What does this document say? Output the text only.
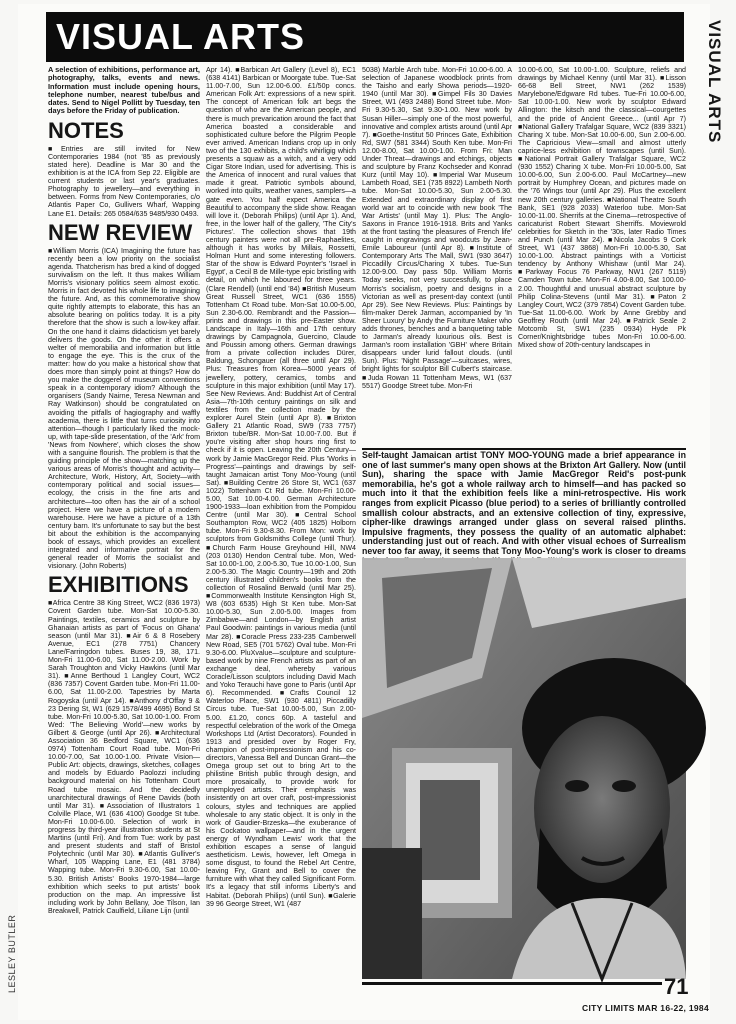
VISUAL ARTS	VISUAL ARTS
LESLEY BUTLER

A selection of exhibitions, performance art, photography, talks, events and news. Information must include opening hours, telephone number, nearest tube/bus and dates. Send to Nigel Pollitt by Tuesday, ten days before the Friday of publication.

NOTES

■Entries are still invited for New Contemporaries 1984 (not '85 as previously stated here). Deadline is Mar 30 and the exhibition is at the ICA from Sep 22. Eligible are current students or last year's graduates. Photography to jewellery—and everything in between. Forms from New Contemporaries, c/o Atlantis Paper Co, Gullivers Wharf, Wapping Lane E1. Details: 265 0584/635 9485/930 0493.

NEW REVIEW

■William Morris (ICA) Imagining the future has recently been a low priority on the socialist agenda. Thatcherism has bred a kind of dogged survivalism on the left. It thus makes William Morris's visionary politics seem almost exotic. Morris in fact devoted his whole life to imagining the future. And, as this commemorative show quite rightly attempts to elaborate, this has an absolute bearing on politics today. It is a pity therefore that the show is such a low-key affair. On the one hand it claims didacticism yet barely delivers the goods. On the other it offers a welter of memorabilia and information but little to engage the eye. This is the crux of the matter: how do you make a historical show that does more than simply point at things? How do you make the doggerel of museum conventions speak in a contemporary idiom? Although the organisers (Sandy Nairne, Teresa Newman and Ray Watkinson) should be congratulated on avoiding the pitfalls of hagiography and waffly academia, there is little that turns curiosity into attention—though I particularly liked the mock-up, with tape-slide presentation, of the 'Ark' from 'News from Nowhere', which closes the show with a sanguine flourish. The problem is that the guiding principle of the show—matching up the various areas of Morris's thought and activity—Architecture, Work, History, Art, Society—with contemporary political and social issues—ecology, the crisis in the fine arts and architecture—too often has the air of a school project. Here we have a picture of a modern warehouse. Here we have a picture of a 13th century barn. It's unfortunate to say but the best bit about the exhibition is the accompanying book of essays, which provides an excellent integrated and informative portrait for the general reader of Morris the socialist and visionary. (John Roberts)

EXHIBITIONS

■Africa Centre 38 King Street, WC2 (836 1973) Covent Garden tube. Mon-Sat 10.00-5.30. Paintings, textiles, ceramics and sculpture by Ghanaian artists as part of 'Focus on Ghana' season (until Mar 31). ■Air 6 & 8 Rosebery Avenue, EC1 (278 7751) Chancery Lane/Farringdon tubes. Buses 19, 38, 171. Mon-Fri 11.00-6.00, Sat 11.00-2.00. Work by Sarah Troughton and Vicky Hawkins (until Mar 31). ■Anne Berthoud 1 Langley Court, WC2 (836 7357) Covent Garden tube. Mon-Fri 11.00-6.00, Sat 11.00-2.00. Tapestries by Marta Rogoyska (until Apr 14). ■Anthony d'Offay 9 & 23 Dering St, W1 (629 1578/499 4695) Bond St tube. Mon-Fri 10.00-5.30, Sat 10.00-1.00. From Wed: 'The Believing World'—new works by Gilbert & George (until Apr 26). ■Architectural Association 36 Bedford Square, WC1 (636 0974) Tottenham Court Road tube. Mon-Fri 10.00-7.00, Sat 10.00-1.00. Private Vision—Public Art: objects, drawings, sketches, collages and models by Eduardo Paolozzi including background material on his Tottenham Court Road tube mosaic. And the decidedly unarchitectural drawings of Rene Davids (both until Mar 31). ■Association of Illustrators 1 Colville Place, W1 (636 4100) Goodge St tube. Mon-Fri 10.00-6.00. Selection of work in progress by third-year illustration students at St Martins (until Fri). And from Tue: work by past and present students and staff of Bristol Polytechnic (until Mar 30). ■Atlantis Gulliver's Wharf, 105 Wapping Lane, E1 (481 3784) Wapping tube. Mon-Fri 9.30-6.00, Sat 10.00-5.30. British Artists' Books 1970-1984—large exhibition which seeks to put artists' book production on the map. An impressive list including work by John Bellany, Joe Tilson, Ian Breakwell, Patrick Caulfield, Liliane Lijn (until

Apr 14). ■Barbican Art Gallery (Level 8), EC1 (638 4141) Barbican or Moorgate tube. Tue-Sat 11.00-7.00, Sun 12.00-6.00. £1/50p concs. American Folk Art: expressions of a new spirit. The concept of American folk art begs the question of who are the American people, and there is much prevarication around the fact that America boasted a considerable and sophisticated culture before the Pilgrim People ever arrived. American Indians crop up in only two of the 130 exhibits, a child's whirligig which presents a squaw as a witch, and a very odd Cigar Store Indian, used for advertising. This is the America of innocent and rural values that made it great. Patriotic symbols abound, worked into quilts, weather vanes, samplers—a gate even. You half expect America the Beautiful to accompany the slide show. Reagan will love it. (Deborah Philips) (until Apr 1). And, free, in the lower half of the gallery, 'The City's Pictures'. The collection shows that 19th century painters were not all pre-Raphaelites, although it has works by Millais, Rossetti, Holman Hunt and some interesting followers. Star of the show is Edward Poynter's 'Israel in Egypt', a Cecil B de Mille-type epic bristling with detail, on which he laboured for three years. (Clare Rendell) (until end '84) ■British Museum Great Russell Street, WC1 (636 1555) Tottenham Ct Road tube. Mon-Sat 10.00-5.00, Sun 2.30-6.00. Rembrandt and the Passion—prints and drawings in this pre-Easter show. Landscape in Italy—16th and 17th century drawings by Campagnola, Guercino, Claude and Poussin among others. German drawings from a private collection includes Dürer, Baldung, Schongauer (all three until Apr 29). Plus: Treasures from Korea—5000 years of jewellery, pottery, ceramics, tombs and sculpture in this major exhibition (until May 17). See New Reviews. And: Buddhist Art of Central Asia—7th-10th century paintings on silk and textiles from the collection made by the explorer Aurel Stein (until Apr 8). ■Brixton Gallery 21 Atlantic Road, SW9 (733 7757) Brixton tube/BR. Mon-Sat 10.00-7.00. But if you're visiting after shop hours ring first to check if it is open. Leaving the 20th Century—work by Jamie MacGregor Reid. Plus 'Works in Progress'—paintings and drawings by self-taught Jamaican artist Tony Moo-Young (until Sat). ■Building Centre 26 Store St, WC1 (637 1022) Tottenham Ct Rd tube. Mon-Fri 10.00-5.00, Sat 10.00-4.00. German Architecture 1900-1933—loan exhibition from the Pompidou Centre (until Mar 30). ■Central School Southampton Row, WC2 (405 1825) Holborn tube. Mon-Fri 9.30-8.30. From Mon: work by sculptors from Goldsmiths College (until Thur). ■Church Farm House Greyhound Hill, NW4 (203 0130) Hendon Central tube. Mon, Wed-Sat 10.00-1.00, 2.00-5.30, Tue 10.00-1.00, Sun 2.00-5.30. The Magic Country—19th and 20th century illustrated children's books from the collection of Rosalind Berwald (until Mar 25). ■Commonwealth Institute Kensington High St, W8 (603 6535) High St Ken tube. Mon-Sat 10.00-5.30, Sun 2.00-5.00. Images from Zimbabwe—and London—by English artist Paul Goodwin: paintings in various media (until Mar 28). ■Coracle Press 233-235 Camberwell New Road, SE5 (701 5762) Oval tube. Mon-Fri 9.30-6.00. PluXvalue—sculpture and sculpture-based work by nine French artists as part of an exchange deal, whereby various Coracle/Lisson sculptors including David Mach and Yoko Terauchi have gone to Paris (until Apr 6). Recommended. ■Crafts Council 12 Waterloo Place, SW1 (930 4811) Piccadilly Circus tube. Tue-Sat 10.00-5.00, Sun 2.00-5.00. £1.20, concs 60p. A tasteful and respectful celebration of the work of the Omega Workshops Ltd (Artist Decorators). Founded in 1913 and presided over by Roger Fry, champion of post-impressionism and his co-directors, Vanessa Bell and Duncan Grant—the Omega group set out to bring Art to the philistine British public through design, and more prosaically, to provide work for unemployed artists. Their emphasis was insistently on art over craft, post-impressionist colours, styles and techniques are applied wholesale to any static object. It is only in the work of Gaudier-Brzeska—the exuberance of his Cockatoo wallpaper—and in the urgent energy of Wyndham Lewis' work that the exhibition escapes a sense of languid aestheticism. Lewis, however, left Omega in some disgust, to found the Rebel Art Centre, leaving Fry, Grant and Bell to cover the furniture with what they called Significant Form. It's a legacy that still informs Liberty's and Habitat. (Deborah Philips) (until Sun). ■Galerie 39 96 George Street, W1 (487

5038) Marble Arch tube. Mon-Fri 10.00-6.00. A selection of Japanese woodblock prints from the Taisho and early Showa periods—1920-1940 (until Mar 30). ■Gimpel Fils 30 Davies Street, W1 (493 2488) Bond Street tube. Mon-Fri 9.30-5.30, Sat 9.30-1.00. New work by Susan Hiller—simply one of the most powerful, innovative and complex artists around (until Apr 7). ■Goethe-Institut 50 Princes Gate, Exhibition Rd, SW7 (581 3344) South Ken tube. Mon-Fri 12.00-8.00, Sat 10.00-1.00. From Fri: Man Under Threat—drawings and etchings, objects and sculpture by Franz Kochseder and Konrad Kurz (until May 10). ■Imperial War Museum Lambeth Road, SE1 (735 8922) Lambeth North tube. Mon-Sat 10.00-5.30, Sun 2.00-5.30. Extended and extraordinary display of first world war art to coincide with new book 'The War Artists' (until May 1). Plus: The Anglo-Saxons in France 1916-1918. Brits and Yanks at the front tasting 'the pleasures of French life' caught in engravings and woodcuts by Jean-Emile Laboureur (until Apr 8). ■Institute of Contemporary Arts The Mall, SW1 (930 3647) Piccadilly Circus/Charing X tubes. Tue-Sun 12.00-9.00. Day pass 50p. William Morris Today seeks, not very successfully, to place Morris's socialism, poetry and designs in a Victorian as well as present-day context (until Apr 29). See New Reviews. Plus: Paintings by film-maker Derek Jarman, accompanied by 'In Sheer Luxury' by Andy the Furniture Maker who adds thrones, benches and a banqueting table to Jarman's already luxurious oils. Best is Jarman's room installation 'GBH' where Britain disappears under lurid fallout clouds. (until Sun). Plus: 'Night Passage'—suitcases, wires, bright lights for sculptor Bill Culbert's staircase. ■Juda Rowan 11 Tottenham Mews, W1 (637 5517) Goodge Street tube. Mon-Fri

10.00-6.00, Sat 10.00-1.00. Sculpture, reliefs and drawings by Michael Kenny (until Mar 31). ■Lisson 66-68 Bell Street, NW1 (262 1539) Marylebone/Edgware Rd tubes. Tue-Fri 10.00-6.00, Sat 10.00-1.00. New work by sculptor Edward Allington: the kitsch and the classical—courgettes and the pride of Ancient Greece... (until Apr 7) ■National Gallery Trafalgar Square, WC2 (839 3321) Charing X tube. Mon-Sat 10.00-6.00, Sun 2.00-6.00. The Capricious View—small and almost utterly caprice-less exhibition of townscapes (until Sun). ■National Portrait Gallery Trafalgar Square, WC2 (930 1552) Charing X tube. Mon-Fri 10.00-5.00, Sat 10.00-6.00, Sun 2.00-6.00. Paul McCartney—new portrait by Humphrey Ocean, and pictures made on the '76 Wings tour (until Apr 29). Plus the excellent new 20th century galleries. ■National Theatre South Bank, SE1 (928 2033) Waterloo tube. Mon-Sat 10.00-11.00. Sherrifs at the Cinema—retrospective of caricaturist Robert Stewart Sherriffs. Moviewrold celebrities for Sketch in the '30s, later Radio Times and Punch (until Mar 24). ■Nicola Jacobs 9 Cork Street, W1 (437 3868) Mon-Fri 10.00-5.30, Sat 10.00-1.00. Abstract paintings with a Vorticist tendency by Anthony Whishaw (until Mar 24). ■Parkway Focus 76 Parkway, NW1 (267 5119) Camden Town tube. Mon-Fri 4.00-8.00, Sat 100.00-2.00. Thoughtful and unusual abstract sculpture by Philip Colina-Stevens (until Mar 31). ■Paton 2 Langley Court, WC2 (379 7854) Covent Garden tube. Tue-Sat 11.00-6.00. Work by Anne Grebby and Geoffrey Routh (until Mar 24). ■Patrick Seale 2 Motcomb St, SW1 (235 0934) Hyde Pk Corner/Knightsbridge tubes Mon-Fri 10.00-6.00. Mixed show of 20th-century landscapes in

Self-taught Jamaican artist TONY MOO-YOUNG made a brief appearance in one of last summer's many open shows at the Brixton Art Gallery. Now (until Sun), sharing the space with Jamie MacGregor Reid's post-punk memorabilia, he's got a whole railway arch to himself—and has packed so much into it that the exhibition feels like a mini-retrospective. His work ranges from explicit Picasso (blue period) to a series of brilliantly controlled smallish colour abstracts, and an extensive collection of tiny, expressive, cipher-like drawings arranged under glass on several raised plinths. Impulsive fragments, they possess the quality of an automatic alphabet: understanding just out of reach. And with other visual echoes of Surrealism never too far away, it seems that Tony Moo-Young's work is closer to dreams
71
CITY LIMITS MAR 16-22, 1984
